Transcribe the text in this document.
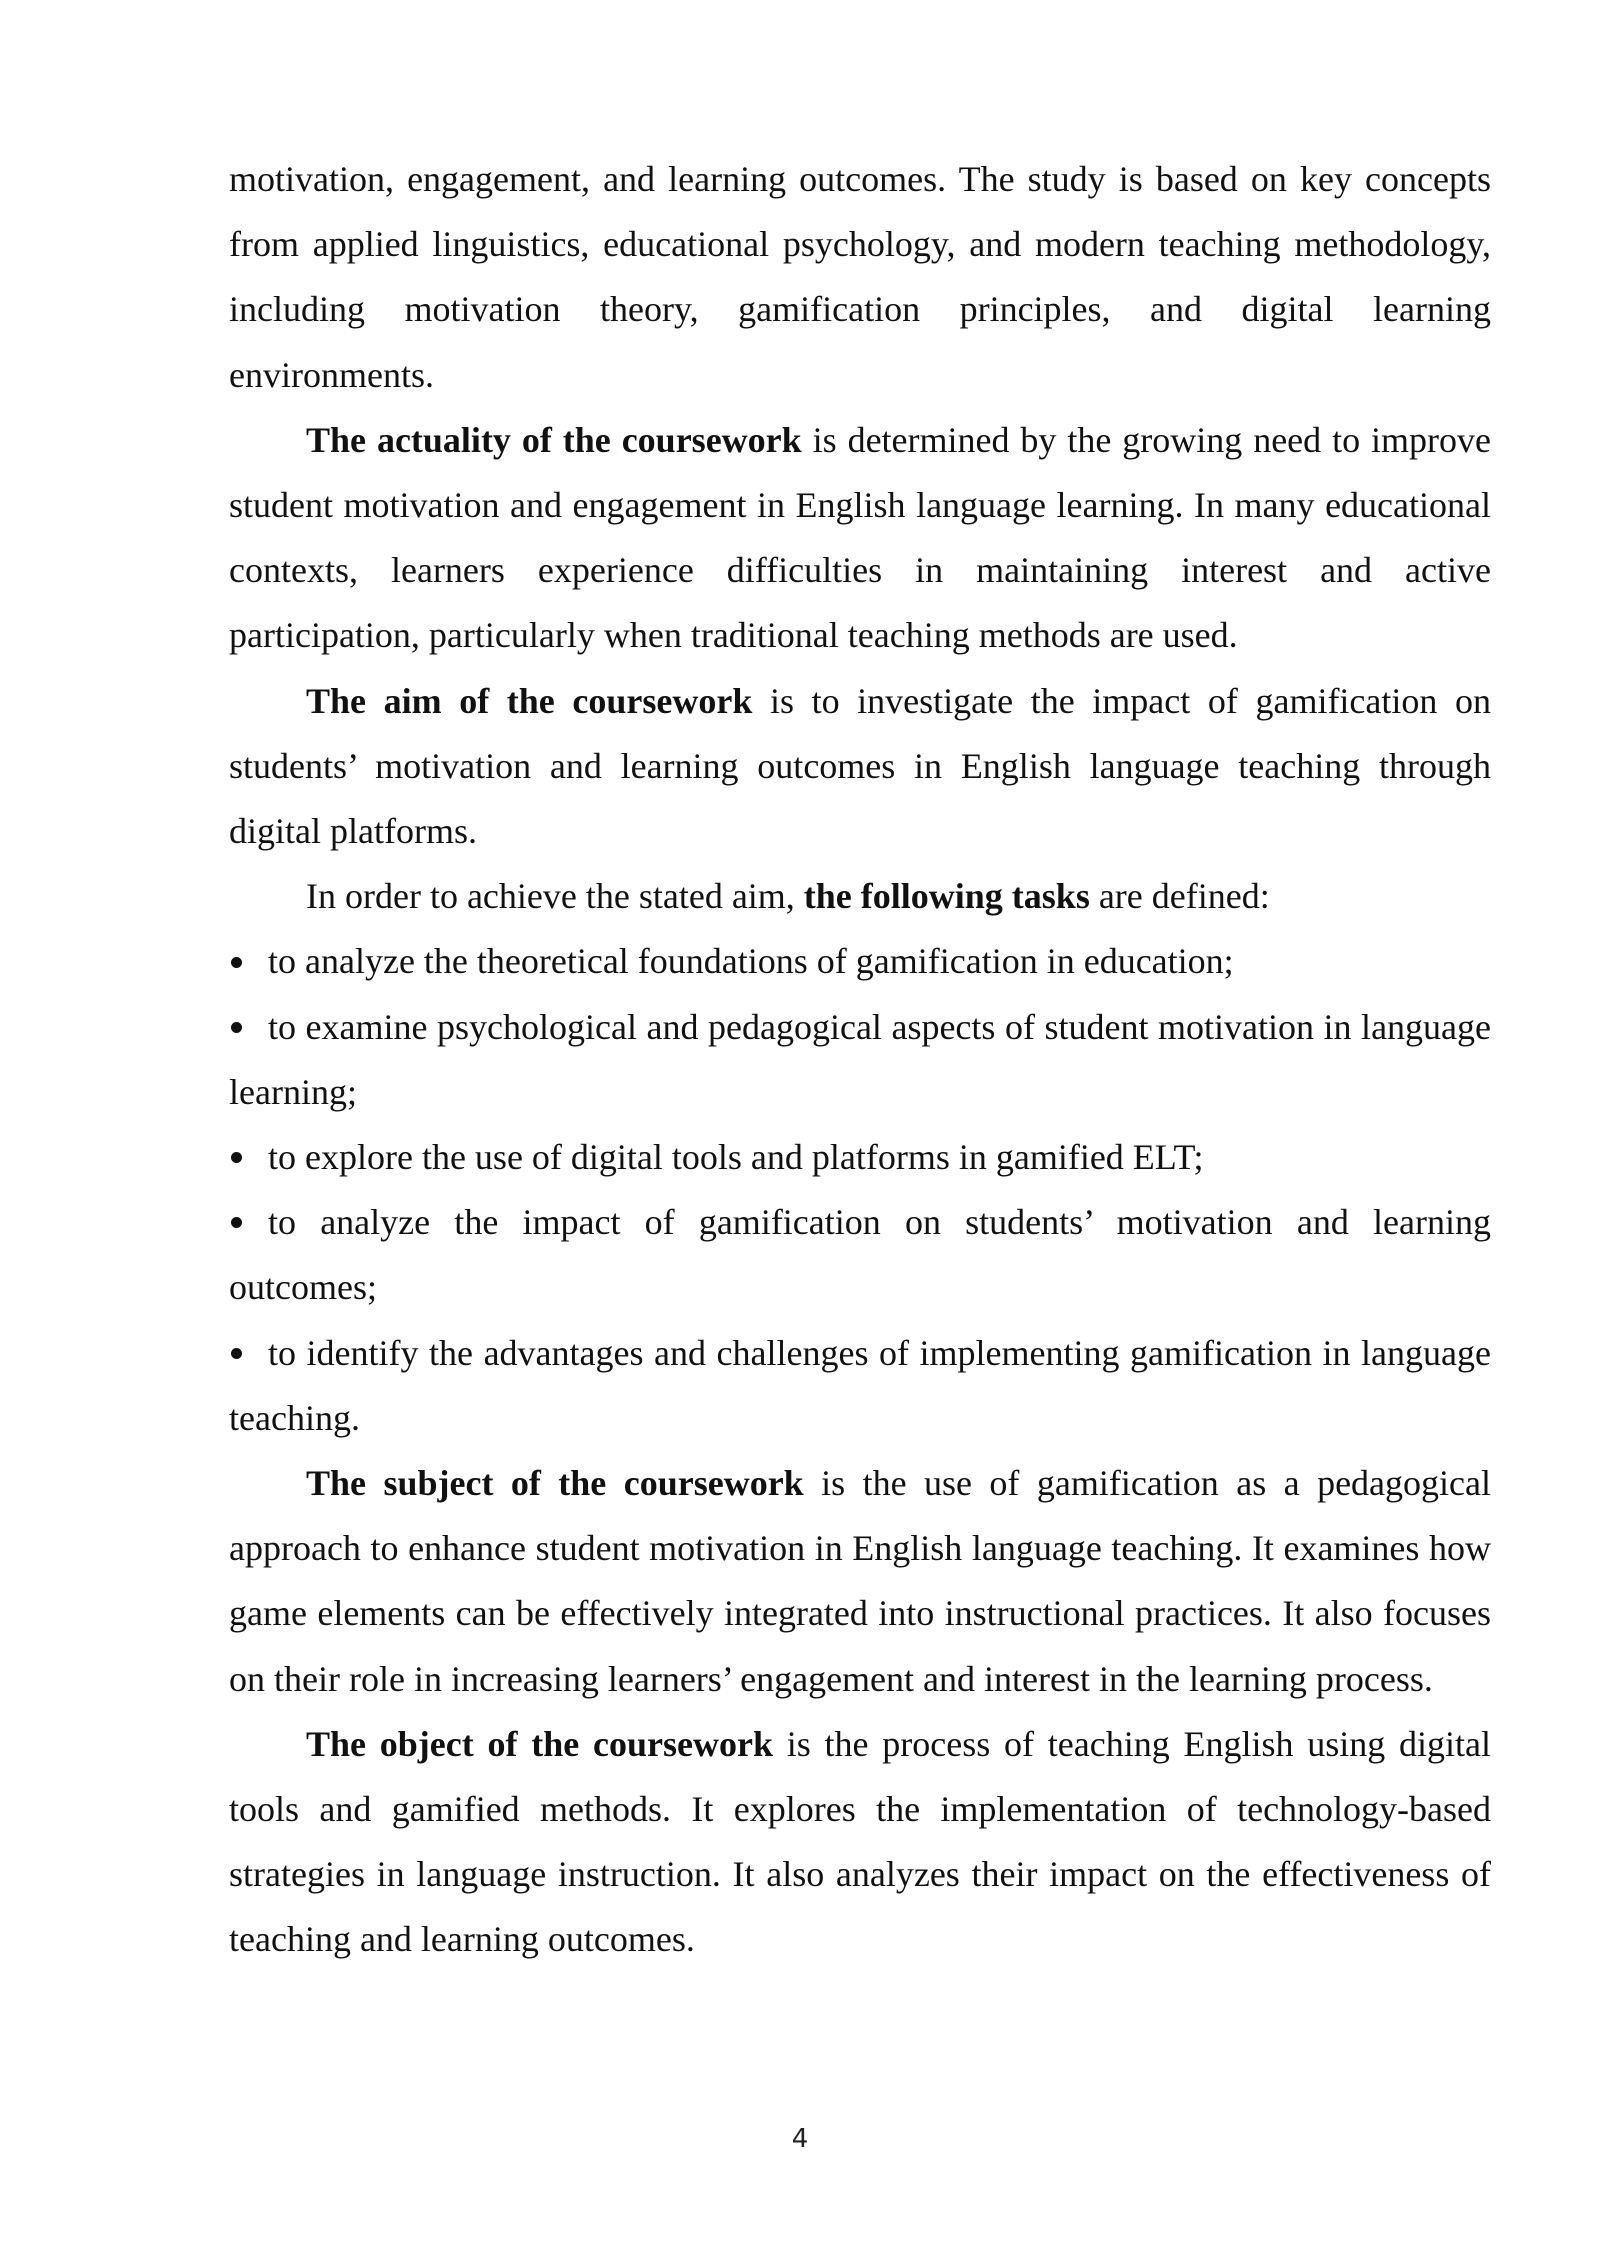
motivation, engagement, and learning outcomes. The study is based on key concepts from applied linguistics, educational psychology, and modern teaching methodology, including motivation theory, gamification principles, and digital learning environments.

The actuality of the coursework is determined by the growing need to improve student motivation and engagement in English language learning. In many educational contexts, learners experience difficulties in maintaining interest and active participation, particularly when traditional teaching methods are used.

The aim of the coursework is to investigate the impact of gamification on students’ motivation and learning outcomes in English language teaching through digital platforms.

In order to achieve the stated aim, the following tasks are defined:

to analyze the theoretical foundations of gamification in education;

to examine psychological and pedagogical aspects of student motivation in language learning;

to explore the use of digital tools and platforms in gamified ELT;

to analyze the impact of gamification on students’ motivation and learning outcomes;

to identify the advantages and challenges of implementing gamification in language teaching.

The subject of the coursework is the use of gamification as a pedagogical approach to enhance student motivation in English language teaching. It examines how game elements can be effectively integrated into instructional practices. It also focuses on their role in increasing learners’ engagement and interest in the learning process.

The object of the coursework is the process of teaching English using digital tools and gamified methods. It explores the implementation of technology-based strategies in language instruction. It also analyzes their impact on the effectiveness of teaching and learning outcomes.

4
